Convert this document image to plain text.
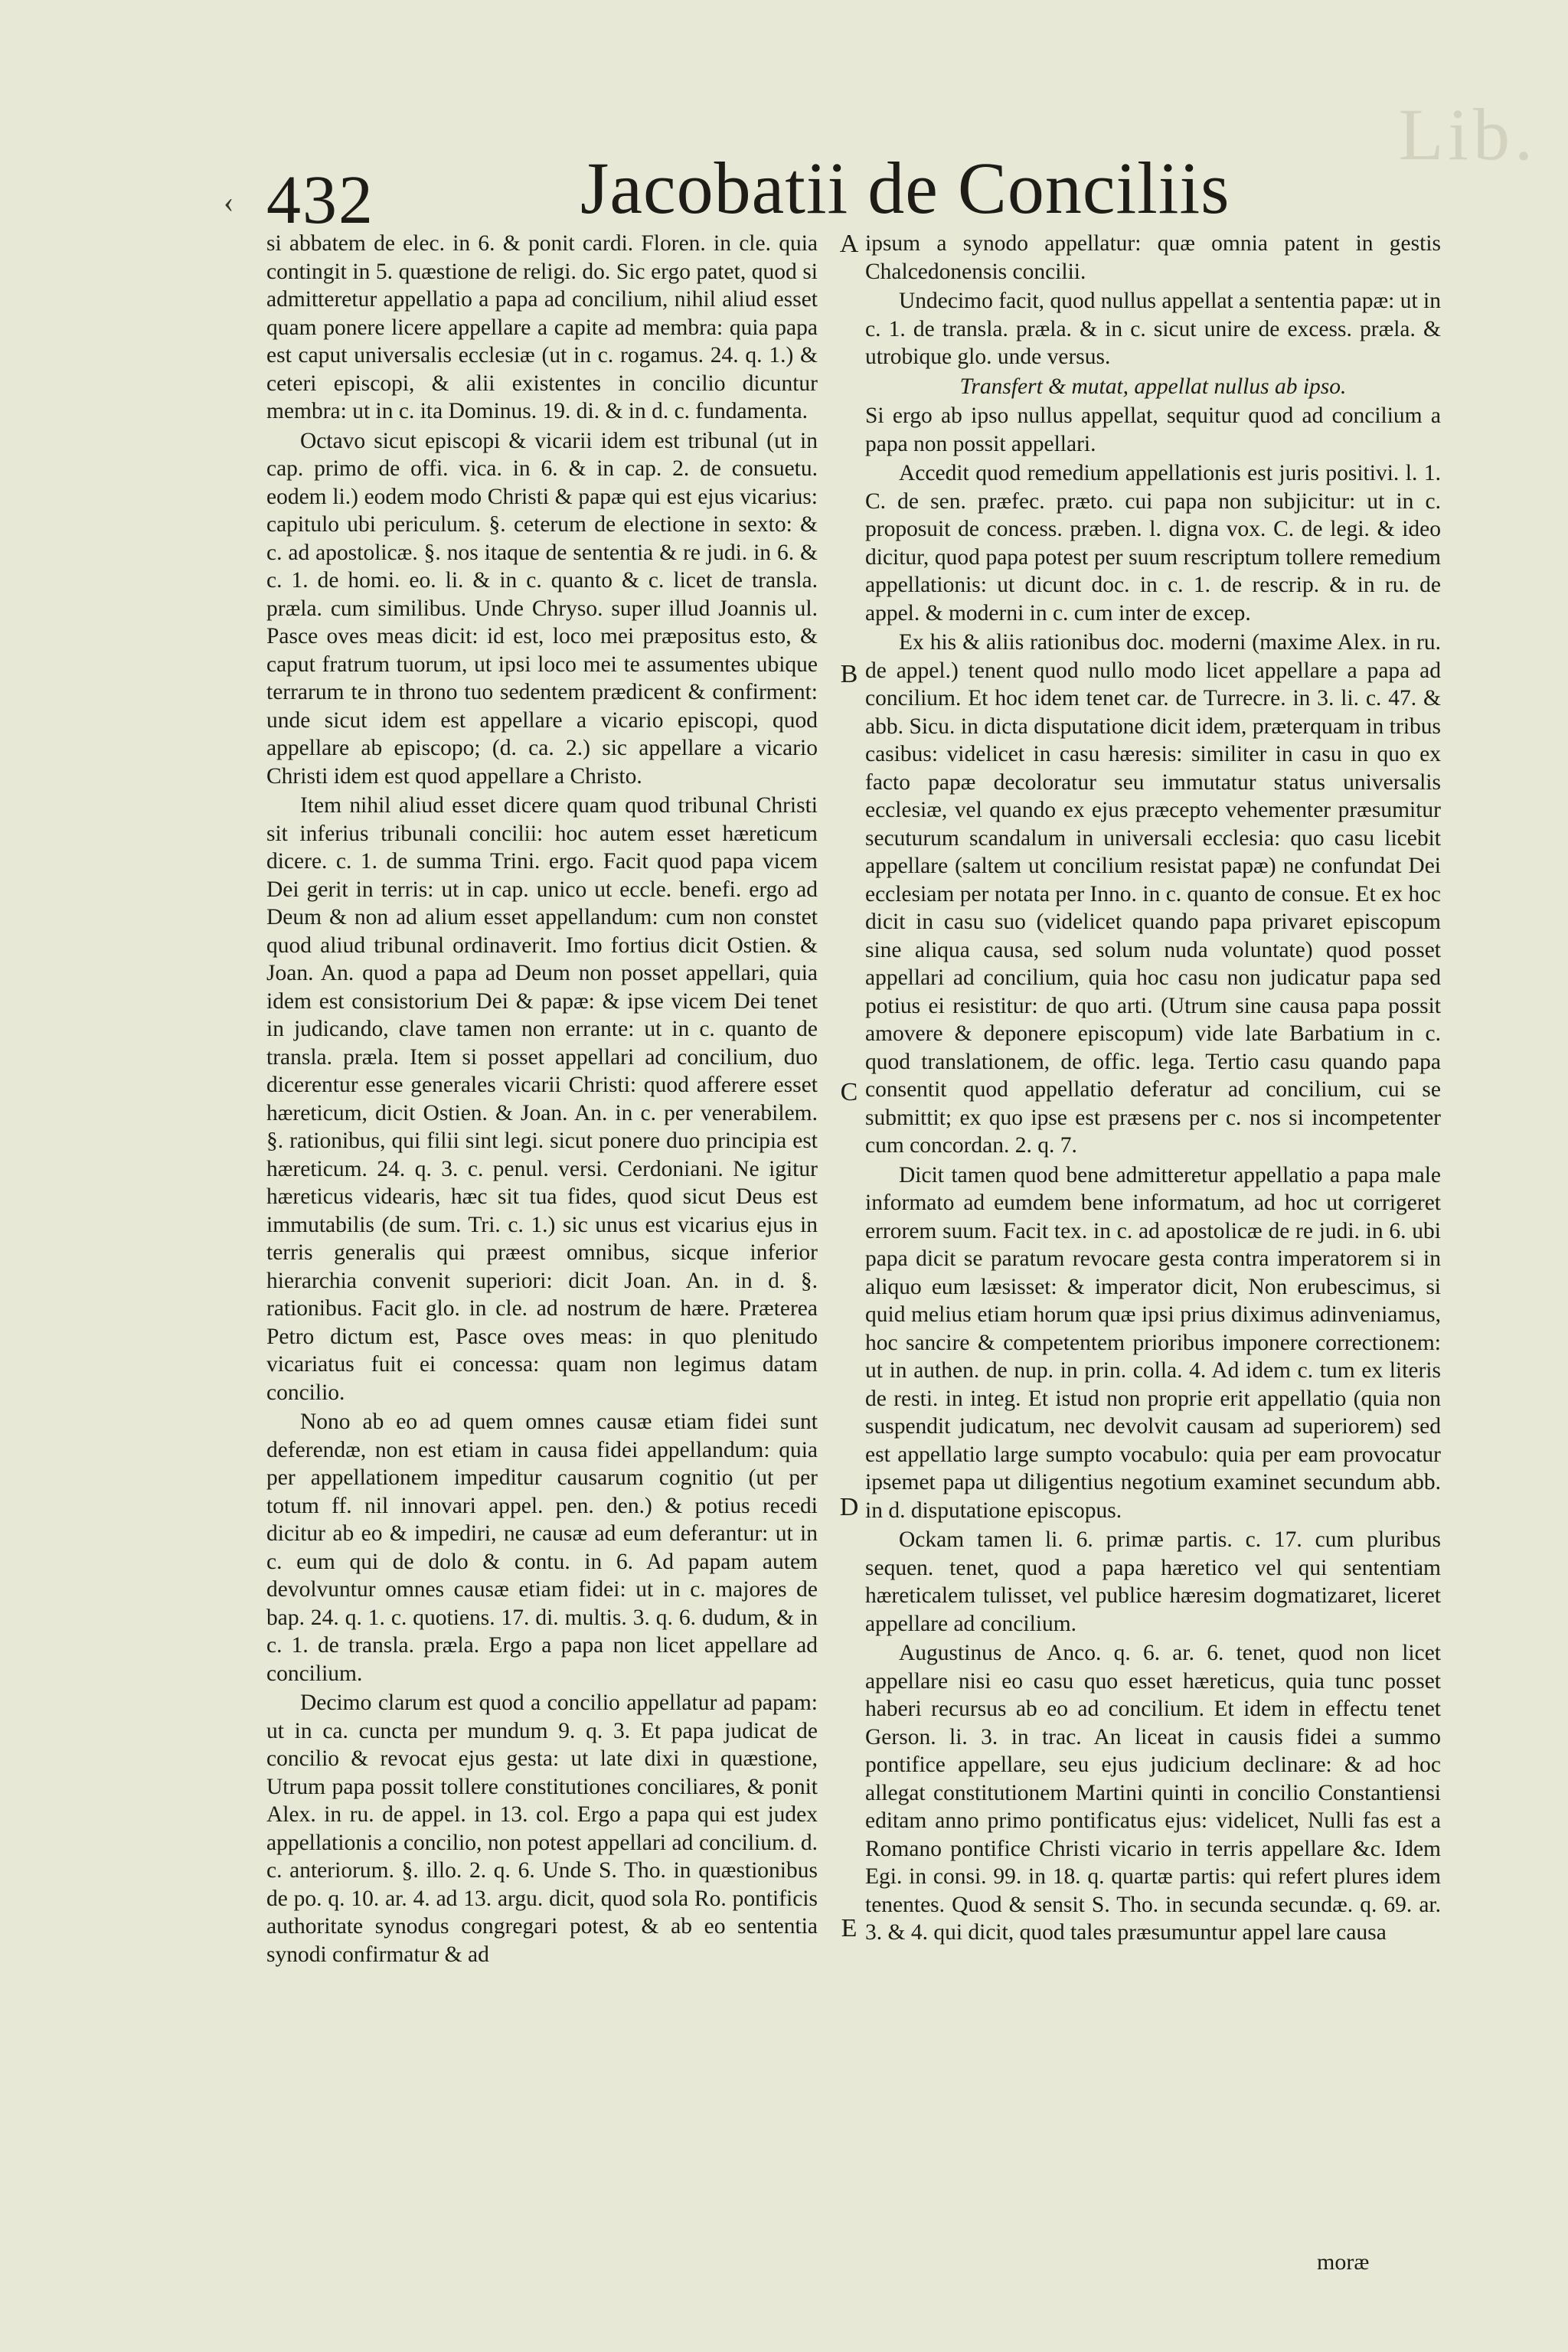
Lib.
‹ 432	Jacobatii de Conciliis

si abbatem de elec. in 6. & ponit cardi. Floren. in cle. quia contingit in 5. quæstione de religi. do. Sic ergo patet, quod si admitteretur appellatio a papa ad concilium, nihil aliud esset quam ponere licere appellare a capite ad membra: quia papa est caput universalis ecclesiæ (ut in c. rogamus. 24. q. 1.) & ceteri episcopi, & alii existentes in concilio dicuntur membra: ut in c. ita Dominus. 19. di. & in d. c. fundamenta.

Octavo sicut episcopi & vicarii idem est tribunal (ut in cap. primo de offi. vica. in 6. & in cap. 2. de consuetu. eodem li.) eodem modo Christi & papæ qui est ejus vicarius: capitulo ubi periculum. §. ceterum de electione in sexto: & c. ad apostolicæ. §. nos itaque de sententia & re judi. in 6. & c. 1. de homi. eo. li. & in c. quanto & c. licet de transla. præla. cum similibus. Unde Chryso. super illud Joannis ul. Pasce oves meas dicit: id est, loco mei præpositus esto, & caput fratrum tuorum, ut ipsi loco mei te assumentes ubique terrarum te in throno tuo sedentem prædicent & confirment: unde sicut idem est appellare a vicario episcopi, quod appellare ab episcopo; (d. ca. 2.) sic appellare a vicario Christi idem est quod appellare a Christo.

Item nihil aliud esset dicere quam quod tribunal Christi sit inferius tribunali concilii: hoc autem esset hæreticum dicere. c. 1. de summa Trini. ergo. Facit quod papa vicem Dei gerit in terris: ut in cap. unico ut eccle. benefi. ergo ad Deum & non ad alium esset appellandum: cum non constet quod aliud tribunal ordinaverit. Imo fortius dicit Ostien. & Joan. An. quod a papa ad Deum non posset appellari, quia idem est consistorium Dei & papæ: & ipse vicem Dei tenet in judicando, clave tamen non errante: ut in c. quanto de transla. præla. Item si posset appellari ad concilium, duo dicerentur esse generales vicarii Christi: quod afferere esset hæreticum, dicit Ostien. & Joan. An. in c. per venerabilem. §. rationibus, qui filii sint legi. sicut ponere duo principia est hæreticum. 24. q. 3. c. penul. versi. Cerdoniani. Ne igitur hæreticus videaris, hæc sit tua fides, quod sicut Deus est immutabilis (de sum. Tri. c. 1.) sic unus est vicarius ejus in terris generalis qui præest omnibus, sicque inferior hierarchia convenit superiori: dicit Joan. An. in d. §. rationibus. Facit glo. in cle. ad nostrum de hære. Præterea Petro dictum est, Pasce oves meas: in quo plenitudo vicariatus fuit ei concessa: quam non legimus datam concilio.

Nono ab eo ad quem omnes causæ etiam fidei sunt deferendæ, non est etiam in causa fidei appellandum: quia per appellationem impeditur causarum cognitio (ut per totum ff. nil innovari appel. pen. den.) & potius recedi dicitur ab eo & impediri, ne causæ ad eum deferantur: ut in c. eum qui de dolo & contu. in 6. Ad papam autem devolvuntur omnes causæ etiam fidei: ut in c. majores de bap. 24. q. 1. c. quotiens. 17. di. multis. 3. q. 6. dudum, & in c. 1. de transla. præla. Ergo a papa non licet appellare ad concilium.

Decimo clarum est quod a concilio appellatur ad papam: ut in ca. cuncta per mundum 9. q. 3. Et papa judicat de concilio & revocat ejus gesta: ut late dixi in quæstione, Utrum papa possit tollere constitutiones conciliares, & ponit Alex. in ru. de appel. in 13. col. Ergo a papa qui est judex appellationis a concilio, non potest appellari ad concilium. d. c. anteriorum. §. illo. 2. q. 6. Unde S. Tho. in quæstionibus de po. q. 10. ar. 4. ad 13. argu. dicit, quod sola Ro. pontificis authoritate synodus congregari potest, & ab eo sententia synodi confirmatur & ad

A
B
C
D
E

ipsum a synodo appellatur: quæ omnia patent in gestis Chalcedonensis concilii.

Undecimo facit, quod nullus appellat a sententia papæ: ut in c. 1. de transla. præla. & in c. sicut unire de excess. præla. & utrobique glo. unde versus.

Transfert & mutat, appellat nullus ab ipso.

Si ergo ab ipso nullus appellat, sequitur quod ad concilium a papa non possit appellari.

Accedit quod remedium appellationis est juris positivi. l. 1. C. de sen. præfec. præto. cui papa non subjicitur: ut in c. proposuit de concess. præben. l. digna vox. C. de legi. & ideo dicitur, quod papa potest per suum rescriptum tollere remedium appellationis: ut dicunt doc. in c. 1. de rescrip. & in ru. de appel. & moderni in c. cum inter de excep.

Ex his & aliis rationibus doc. moderni (maxime Alex. in ru. de appel.) tenent quod nullo modo licet appellare a papa ad concilium. Et hoc idem tenet car. de Turrecre. in 3. li. c. 47. & abb. Sicu. in dicta disputatione dicit idem, præterquam in tribus casibus: videlicet in casu hæresis: similiter in casu in quo ex facto papæ decoloratur seu immutatur status universalis ecclesiæ, vel quando ex ejus præcepto vehementer præsumitur secuturum scandalum in universali ecclesia: quo casu licebit appellare (saltem ut concilium resistat papæ) ne confundat Dei ecclesiam per notata per Inno. in c. quanto de consue. Et ex hoc dicit in casu suo (videlicet quando papa privaret episcopum sine aliqua causa, sed solum nuda voluntate) quod posset appellari ad concilium, quia hoc casu non judicatur papa sed potius ei resistitur: de quo arti. (Utrum sine causa papa possit amovere & deponere episcopum) vide late Barbatium in c. quod translationem, de offic. lega. Tertio casu quando papa consentit quod appellatio deferatur ad concilium, cui se submittit; ex quo ipse est præsens per c. nos si incompetenter cum concordan. 2. q. 7.

Dicit tamen quod bene admitteretur appellatio a papa male informato ad eumdem bene informatum, ad hoc ut corrigeret errorem suum. Facit tex. in c. ad apostolicæ de re judi. in 6. ubi papa dicit se paratum revocare gesta contra imperatorem si in aliquo eum læsisset: & imperator dicit, Non erubescimus, si quid melius etiam horum quæ ipsi prius diximus adinveniamus, hoc sancire & competentem prioribus imponere correctionem: ut in authen. de nup. in prin. colla. 4. Ad idem c. tum ex literis de resti. in integ. Et istud non proprie erit appellatio (quia non suspendit judicatum, nec devolvit causam ad superiorem) sed est appellatio large sumpto vocabulo: quia per eam provocatur ipsemet papa ut diligentius negotium examinet secundum abb. in d. disputatione episcopus.

Ockam tamen li. 6. primæ partis. c. 17. cum pluribus sequen. tenet, quod a papa hæretico vel qui sententiam hæreticalem tulisset, vel publice hæresim dogmatizaret, liceret appellare ad concilium.

Augustinus de Anco. q. 6. ar. 6. tenet, quod non licet appellare nisi eo casu quo esset hæreticus, quia tunc posset haberi recursus ab eo ad concilium. Et idem in effectu tenet Gerson. li. 3. in trac. An liceat in causis fidei a summo pontifice appellare, seu ejus judicium declinare: & ad hoc allegat constitutionem Martini quinti in concilio Constantiensi editam anno primo pontificatus ejus: videlicet, Nulli fas est a Romano pontifice Christi vicario in terris appellare &c. Idem Egi. in consi. 99. in 18. q. quartæ partis: qui refert plures idem tenentes. Quod & sensit S. Tho. in secunda secundæ. q. 69. ar. 3. & 4. qui dicit, quod tales præsumuntur appel lare causa

moræ
